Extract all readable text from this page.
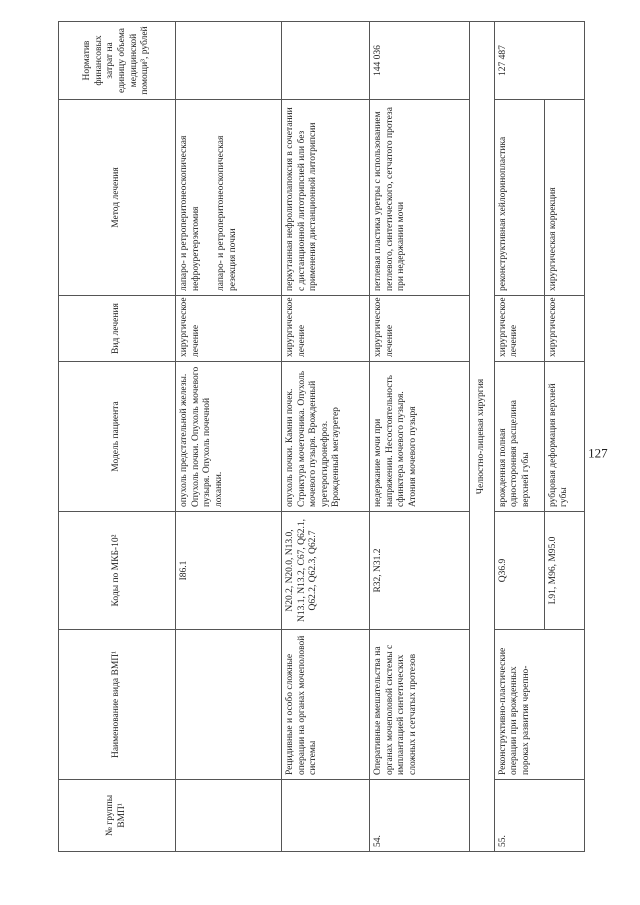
127
№ группы ВМП¹	Наименование вида ВМП¹	Коды по МКБ-10²	Модель пациента	Вид лечения	Метод лечения	Норматив финансовых затрат на единицу объема медицинской помощи³, рублей
		I86.1	опухоль предстательной железы. Опухоль почки. Опухоль мочевого пузыря. Опухоль почечной лоханки.	хирургическое лечение	лапаро- и ретроперитонеоскопическая нефроуретерэктомия лапаро- и ретроперитонеоскопическая резекция почки	

	Рецидивные и особо сложные операции на органах мочеполовой системы	N20.2, N20.0, N13.0, N13.1, N13.2, C67, Q62.1, Q62.2, Q62.3, Q62.7	опухоль почки. Камни почек. Стриктура мочеточника. Опухоль мочевого пузыря. Врожденный уретерогидронефроз. Врожденный мегауретер	хирургическое лечение	перкутанная нефролитолапоксия в сочетании с дистанционной литотрипсией или без применения дистанционной литотрипсии	
54.	Оперативные вмешательства на органах мочеполовой системы с имплантацией синтетических сложных и сетчатых протезов	R32, N31.2	недержание мочи при напряжении. Несостоятельность сфинктера мочевого пузыря. Атония мочевого пузыря	хирургическое лечение	петлевая пластика уретры с использованием петлевого, синтетического, сетчатого протеза при недержании мочи	144 036
Челюстно-лицевая хирургия						
55.	Реконструктивно-пластические операции при врожденных пороках развития черепно-	Q36.9	врожденная полная односторонняя расщелина верхней губы	хирургическое лечение	реконструктивная хейлоринопластика	127 487
		L91, M96, M95.0	рубцовая деформация верхней губы	хирургическое	хирургическая коррекция	
